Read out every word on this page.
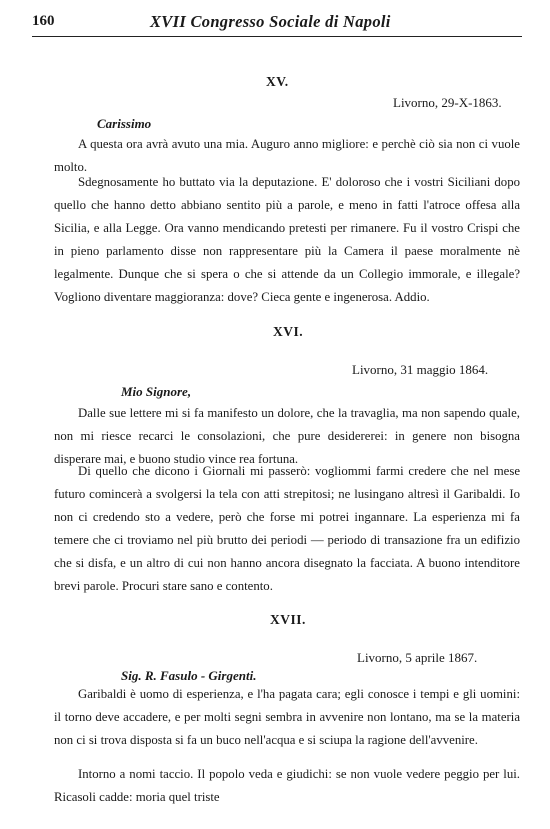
160	XVII Congresso Sociale di Napoli
XV.
Livorno, 29-X-1863.
Carissimo
A questa ora avrà avuto una mia. Auguro anno migliore: e perchè ciò sia non ci vuole molto.
Sdegnosamente ho buttato via la deputazione. E' doloroso che i vostri Siciliani dopo quello che hanno detto abbiano sentito più a parole, e meno in fatti l'atroce offesa alla Sicilia, e alla Legge. Ora vanno mendicando pretesti per rimanere. Fu il vostro Crispi che in pieno parlamento disse non rappresentare più la Camera il paese moralmente nè legalmente. Dunque che si spera o che si attende da un Collegio immorale, e illegale? Vogliono diventare maggioranza: dove? Cieca gente e ingenerosa. Addio.
XVI.
Livorno, 31 maggio 1864.
Mio Signore,
Dalle sue lettere mi si fa manifesto un dolore, che la travaglia, ma non sapendo quale, non mi riesce recarci le consolazioni, che pure desidererei: in genere non bisogna disperare mai, e buono studio vince rea fortuna.
Di quello che dicono i Giornali mi passerò: vogliommi farmi credere che nel mese futuro comincerà a svolgersi la tela con atti strepitosi; ne lusingano altresì il Garibaldi. Io non ci credendo sto a vedere, però che forse mi potrei ingannare. La esperienza mi fa temere che ci troviamo nel più brutto dei periodi — periodo di transazione fra un edifizio che si disfa, e un altro di cui non hanno ancora disegnato la facciata. A buono intenditore brevi parole. Procuri stare sano e contento.
XVII.
Livorno, 5 aprile 1867.
Sig. R. Fasulo - Girgenti.
Garibaldi è uomo di esperienza, e l'ha pagata cara; egli conosce i tempi e gli uomini: il torno deve accadere, e per molti segni sembra in avvenire non lontano, ma se la materia non ci si trova disposta si fa un buco nell'acqua e si sciupa la ragione dell'avvenire.
Intorno a nomi taccio. Il popolo veda e giudichi: se non vuole vedere peggio per lui. Ricasoli cadde: moria quel triste
